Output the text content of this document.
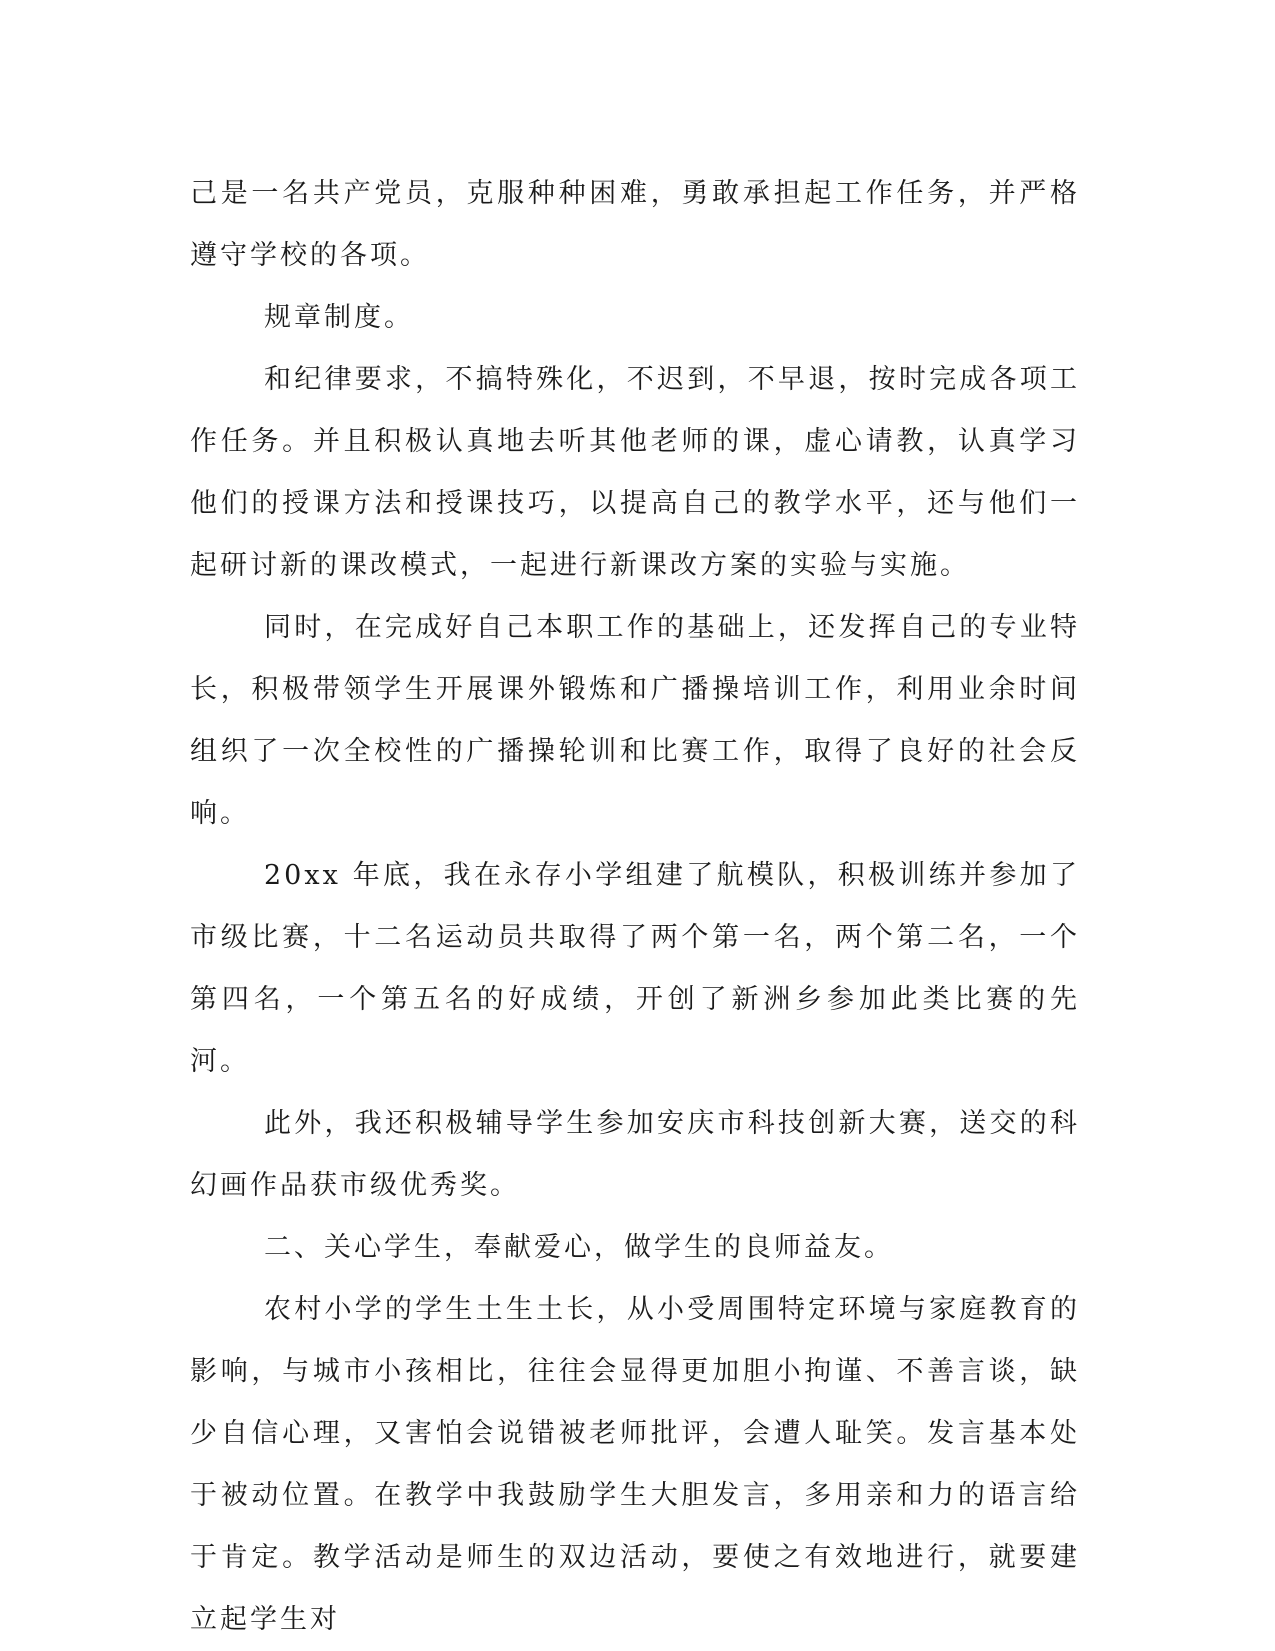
己是一名共产党员，克服种种困难，勇敢承担起工作任务，并严格遵守学校的各项。

规章制度。

和纪律要求，不搞特殊化，不迟到，不早退，按时完成各项工作任务。并且积极认真地去听其他老师的课，虚心请教，认真学习他们的授课方法和授课技巧，以提高自己的教学水平，还与他们一起研讨新的课改模式，一起进行新课改方案的实验与实施。

同时，在完成好自己本职工作的基础上，还发挥自己的专业特长，积极带领学生开展课外锻炼和广播操培训工作，利用业余时间组织了一次全校性的广播操轮训和比赛工作，取得了良好的社会反响。

20xx 年底，我在永存小学组建了航模队，积极训练并参加了市级比赛，十二名运动员共取得了两个第一名，两个第二名，一个第四名，一个第五名的好成绩，开创了新洲乡参加此类比赛的先河。

此外，我还积极辅导学生参加安庆市科技创新大赛，送交的科幻画作品获市级优秀奖。

二、关心学生，奉献爱心，做学生的良师益友。

农村小学的学生土生土长，从小受周围特定环境与家庭教育的影响，与城市小孩相比，往往会显得更加胆小拘谨、不善言谈，缺少自信心理，又害怕会说错被老师批评，会遭人耻笑。发言基本处于被动位置。在教学中我鼓励学生大胆发言，多用亲和力的语言给于肯定。教学活动是师生的双边活动，要使之有效地进行，就要建立起学生对
